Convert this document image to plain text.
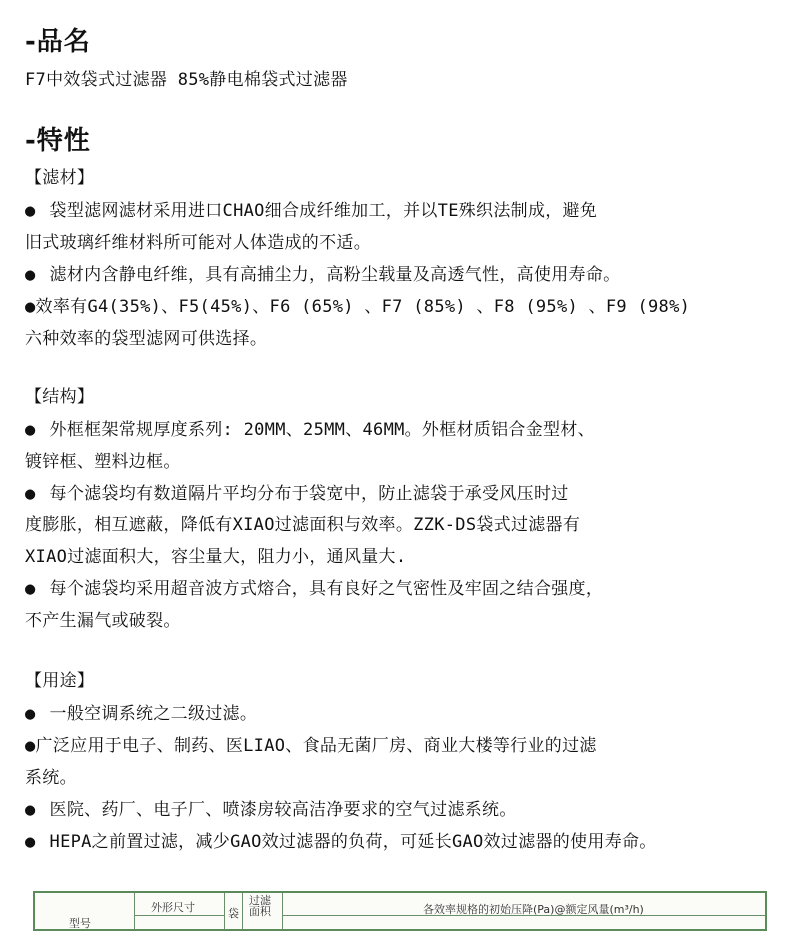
-品名
F7中效袋式过滤器 85%静电棉袋式过滤器
-特性
【滤材】
● 袋型滤网滤材采用进口CHAO细合成纤维加工，并以TE殊织法制成，避免
旧式玻璃纤维材料所可能对人体造成的不适。
● 滤材内含静电纤维，具有高捕尘力，高粉尘载量及高透气性，高使用寿命。
●效率有G4(35%)、F5(45%)、F6 (65%) 、F7 (85%) 、F8 (95%) 、F9 (98%)
六种效率的袋型滤网可供选择。
【结构】
● 外框框架常规厚度系列: 20MM、25MM、46MM。外框材质铝合金型材、
镀锌框、塑料边框。
● 每个滤袋均有数道隔片平均分布于袋宽中，防止滤袋于承受风压时过
度膨胀，相互遮蔽，降低有XIAO过滤面积与效率。ZZK-DS袋式过滤器有
XIAO过滤面积大，容尘量大，阻力小，通风量大.
● 每个滤袋均采用超音波方式熔合，具有良好之气密性及牢固之结合强度，
不产生漏气或破裂。
【用途】
● 一般空调系统之二级过滤。
●广泛应用于电子、制药、医LIAO、食品无菌厂房、商业大楼等行业的过滤
系统。
● 医院、药厂、电子厂、喷漆房较高洁净要求的空气过滤系统。
● HEPA之前置过滤，减少GAO效过滤器的负荷，可延长GAO效过滤器的使用寿命。
型号
外形尺寸	袋
过滤
面积	各效率规格的初始压降(Pa)@额定风量(m³/h)
